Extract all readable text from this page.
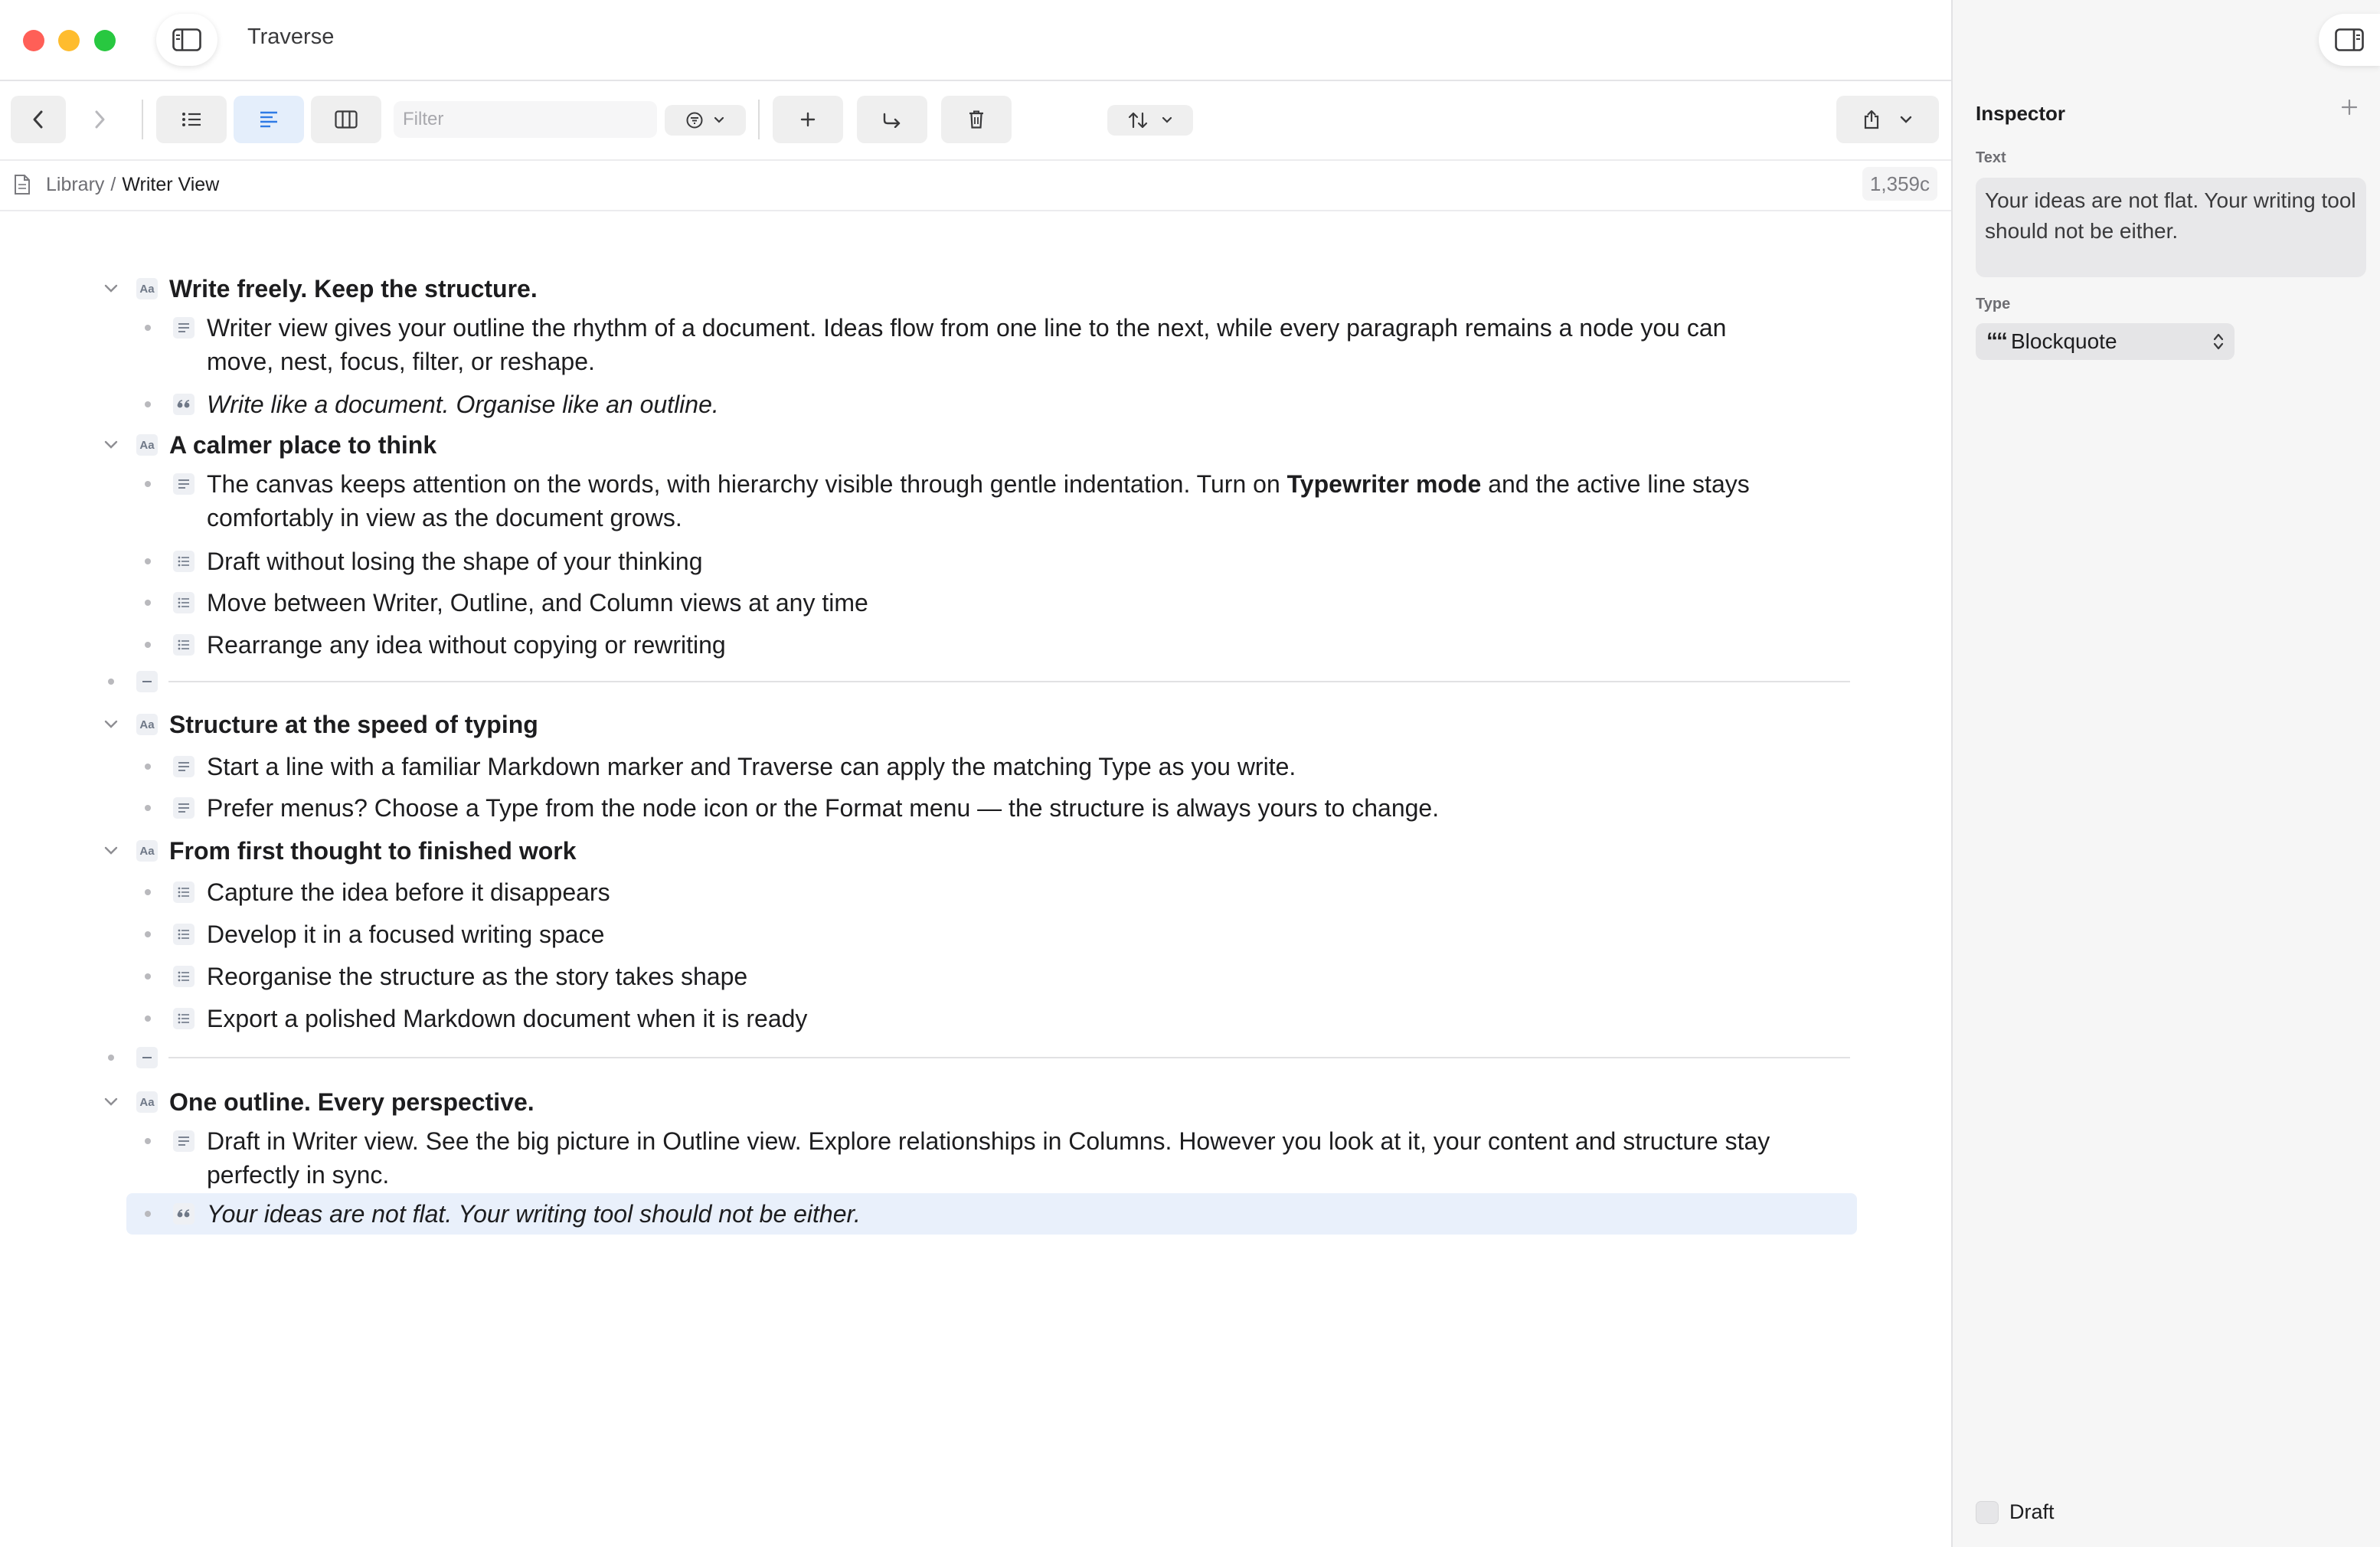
Traverse
Filter
Library / Writer View	1,359c
Aa Write freely. Keep the structure.
Writer view gives your outline the rhythm of a document. Ideas flow from one line to the next, while every paragraph remains a node you can
move, nest, focus, filter, or reshape.
Write like a document. Organise like an outline.
Aa A calmer place to think
The canvas keeps attention on the words, with hierarchy visible through gentle indentation. Turn on Typewriter mode and the active line stays
comfortably in view as the document grows.
Draft without losing the shape of your thinking
Move between Writer, Outline, and Column views at any time
Rearrange any idea without copying or rewriting
Aa Structure at the speed of typing
Start a line with a familiar Markdown marker and Traverse can apply the matching Type as you write.
Prefer menus? Choose a Type from the node icon or the Format menu — the structure is always yours to change.
Aa From first thought to finished work
Capture the idea before it disappears
Develop it in a focused writing space
Reorganise the structure as the story takes shape
Export a polished Markdown document when it is ready
Aa One outline. Every perspective.
Draft in Writer view. See the big picture in Outline view. Explore relationships in Columns. However you look at it, your content and structure stay
perfectly in sync.
Your ideas are not flat. Your writing tool should not be either.
Inspector
Text
Your ideas are not flat. Your writing tool should not be either.
Type
““ Blockquote
Draft
